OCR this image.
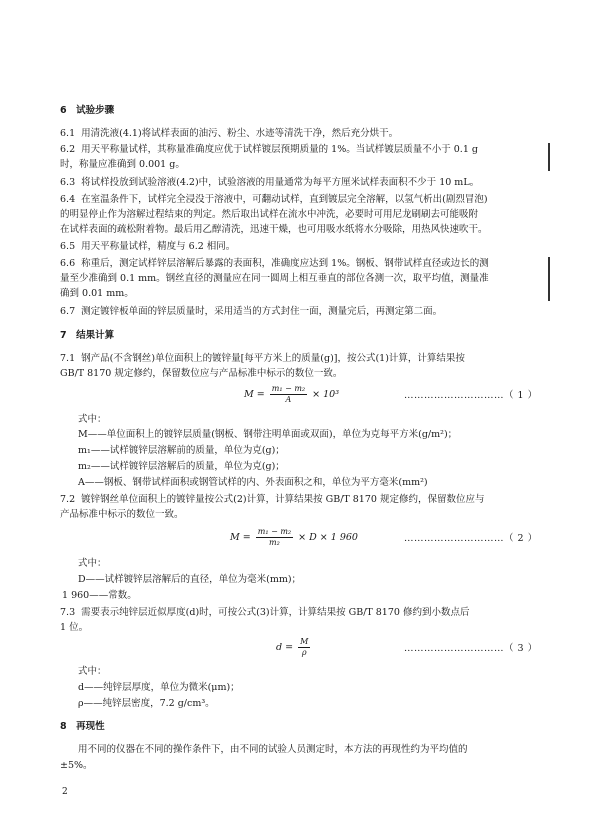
6　试验步骤
6.1 用清洗液(4.1)将试样表面的油污、粉尘、水迹等清洗干净，然后充分烘干。
6.2 用天平称量试样，其称量准确度应优于试样镀层预期质量的 1%。当试样镀层质量不小于 0.1 g
时，称量应准确到 0.001 g。
6.3 将试样投放到试验溶液(4.2)中，试验溶液的用量通常为每平方厘米试样表面积不少于 10 mL。
6.4 在室温条件下，试样完全浸没于溶液中，可翻动试样，直到镀层完全溶解，以氢气析出(剧烈冒泡)
的明显停止作为溶解过程结束的判定。然后取出试样在流水中冲洗，必要时可用尼龙刷刷去可能吸附
在试样表面的疏松附着物。最后用乙醇清洗，迅速干燥，也可用吸水纸将水分吸除，用热风快速吹干。
6.5 用天平称量试样，精度与 6.2 相同。
6.6 称重后，测定试样锌层溶解后暴露的表面积，准确度应达到 1%。钢板、钢带试样直径或边长的测
量至少准确到 0.1 mm。钢丝直径的测量应在同一圆周上相互垂直的部位各测一次，取平均值，测量准
确到 0.01 mm。
6.7 测定镀锌板单面的锌层质量时，采用适当的方式封住一面，测量完后，再测定第二面。
7　结果计算
7.1 钢产品(不含钢丝)单位面积上的镀锌量[每平方米上的质量(g)]，按公式(1)计算，计算结果按
GB/T 8170 规定修约，保留数位应与产品标准中标示的数位一致。
$M = \frac{\text{m₁ − m₂}}{A} \times 10^3$	…………………………（ 1 ）
式中：
M——单位面积上的镀锌层质量(钢板、钢带注明单面或双面)，单位为克每平方米(g/m²)；
m₁——试样镀锌层溶解前的质量，单位为克(g)；
m₂——试样镀锌层溶解后的质量，单位为克(g)；
A——钢板、钢带试样面积或钢管试样的内、外表面积之和，单位为平方毫米(mm²)
7.2 镀锌钢丝单位面积上的镀锌量按公式(2)计算，计算结果按 GB/T 8170 规定修约，保留数位应与
产品标准中标示的数位一致。
$M = \frac{\text{m₁ − m₂}}{\text{m₂}} \times D \times 1$ 960	…………………………（ 2 ）
式中：
D——试样镀锌层溶解后的直径，单位为毫米(mm)；
1 960——常数。
7.3 需要表示纯锌层近似厚度(d)时，可按公式(3)计算，计算结果按 GB/T 8170 修约到小数点后
1 位。
$d = \frac{M}{\rho}$	…………………………（ 3 ）
式中：
d——纯锌层厚度，单位为微米(μm)；
ρ——纯锌层密度，7.2 g/cm³。
8　再现性
用不同的仪器在不同的操作条件下，由不同的试验人员测定时，本方法的再现性约为平均值的
±5%。
2
